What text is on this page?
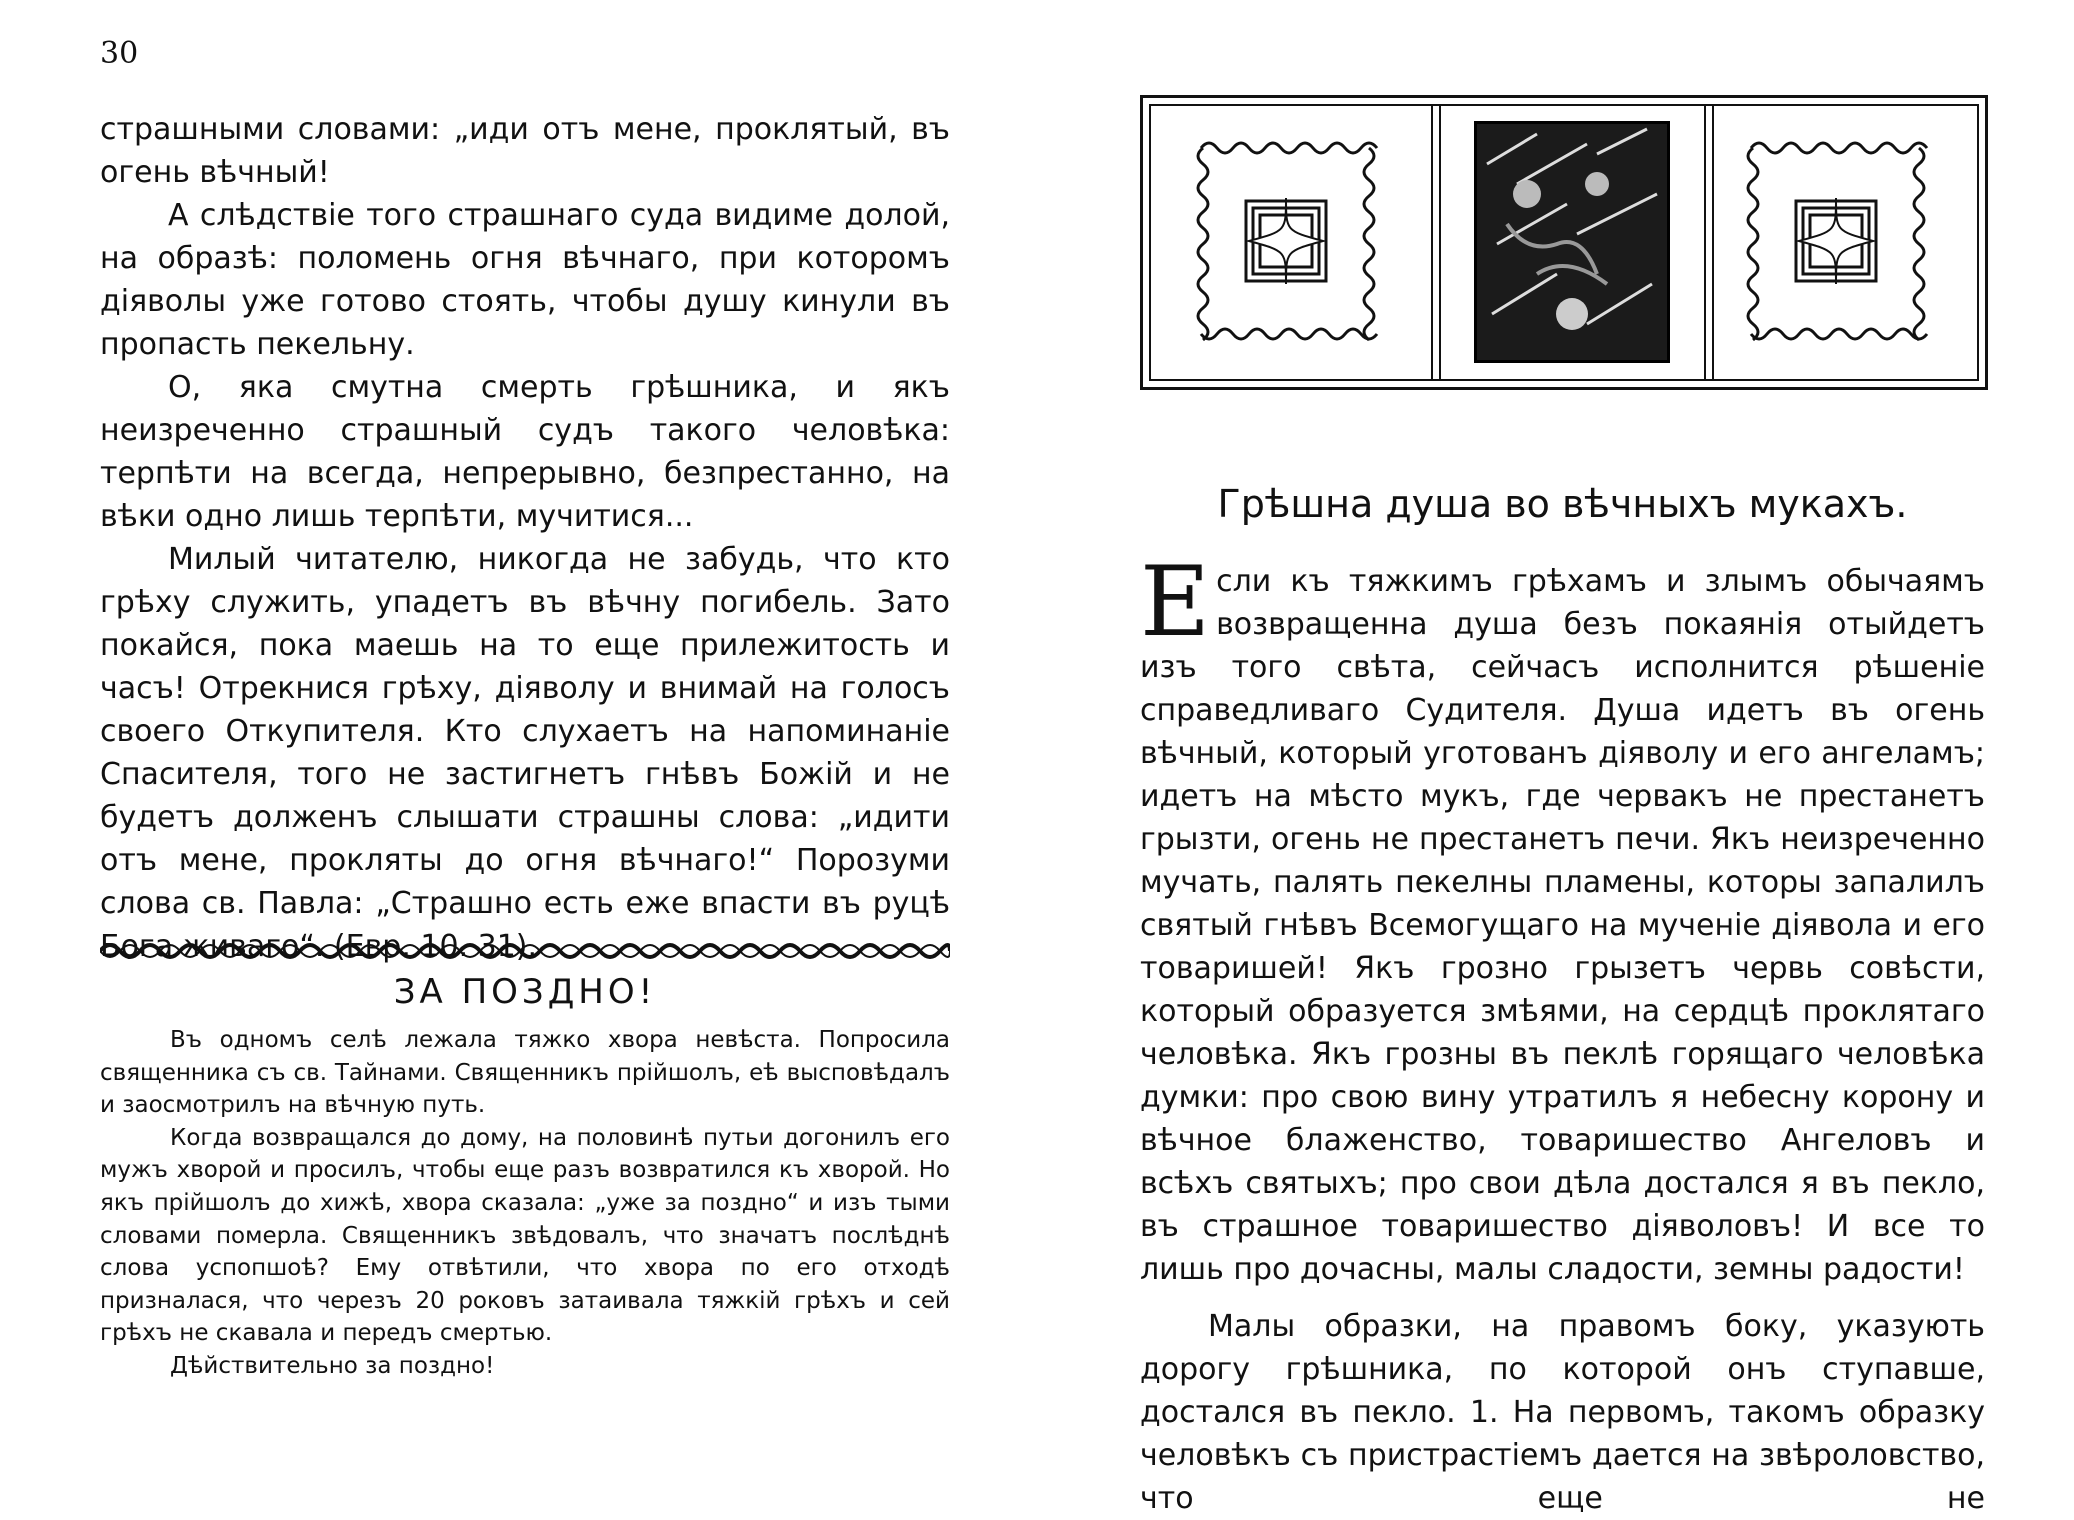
30

страшными словами: „иди отъ мене, проклятый, въ огень вѣчный!

А слѣдствіе того страшнаго суда видиме долой, на образѣ: поломень огня вѣчнаго, при которомъ діяволы уже готово стоять, чтобы душу кинули въ пропасть пекельну.

О, яка смутна смерть грѣшника, и якъ неизреченно страшный судъ такого человѣка: терпѣти на всегда, непрерывно, безпрестанно, на вѣки одно лишь терпѣти, мучитися...

Милый читателю, никогда не забудь, что кто грѣху служить, упадетъ въ вѣчну погибель. Зато покайся, пока маешь на то еще прилежитость и часъ! Отрекнися грѣху, діяволу и внимай на голосъ своего Откупителя. Кто слухаетъ на напоминаніе Спасителя, того не застигнетъ гнѣвъ Божій и не будетъ долженъ слышати страшны слова: „идити отъ мене, прокляты до огня вѣчнаго!“ Порозуми слова св. Павла: „Страшно есть еже впасти въ руцѣ Бога живаго“. (Евр. 10. 31).

ЗА ПОЗДНО!

Въ одномъ селѣ лежала тяжко хвора невѣста. Попросила священника съ св. Тайнами. Священникъ прійшолъ, еѣ высповѣдалъ и заосмотрилъ на вѣчную путь.

Когда возвращался до дому, на половинѣ путьи догонилъ его мужъ хворой и просилъ, чтобы еще разъ возвратился къ хворой. Но якъ прійшолъ до хижѣ, хвора сказала: „уже за поздно“ и изъ тыми словами померла. Священникъ звѣдовалъ, что значатъ послѣднѣ слова успопшоѣ? Ему отвѣтили, что хвора по его отходѣ призналася, что черезъ 20 роковъ затаивала тяжкій грѣхъ и сей грѣхъ не скавала и передъ смертью.

Дѣйствительно за поздно!

Грѣшна душа во вѣчныхъ мукахъ.

Если къ тяжкимъ грѣхамъ и злымъ обычаямъ возвращенна душа безъ покаянія отыйдетъ изъ того свѣта, сейчасъ исполнится рѣшеніе справедливаго Судителя. Душа идетъ въ огень вѣчный, который уготованъ діяволу и его ангеламъ; идетъ на мѣсто мукъ, где червакъ не престанетъ грызти, огень не престанетъ печи. Якъ неизреченно мучать, палять пекелны пламены, которы запалилъ святый гнѣвъ Всемогущаго на мученіе діявола и его товаришей! Якъ грозно грызетъ червь совѣсти, который образуется змѣями, на сердцѣ проклятаго человѣка. Якъ грозны въ пеклѣ горящаго человѣка думки: про свою вину утратилъ я небесну корону и вѣчное блаженство, товаришество Ангеловъ и всѣхъ святыхъ; про свои дѣла достался я въ пекло, въ страшное товаришество діяволовъ! И все то лишь про дочасны, малы сладости, земны радости!

Малы образки, на правомъ боку, указують дорогу грѣшника, по которой онъ ступавше, достался въ пекло. 1. На первомъ, такомъ образку человѣкъ съ пристрастіемъ дается на звѣроловство, что еще не
